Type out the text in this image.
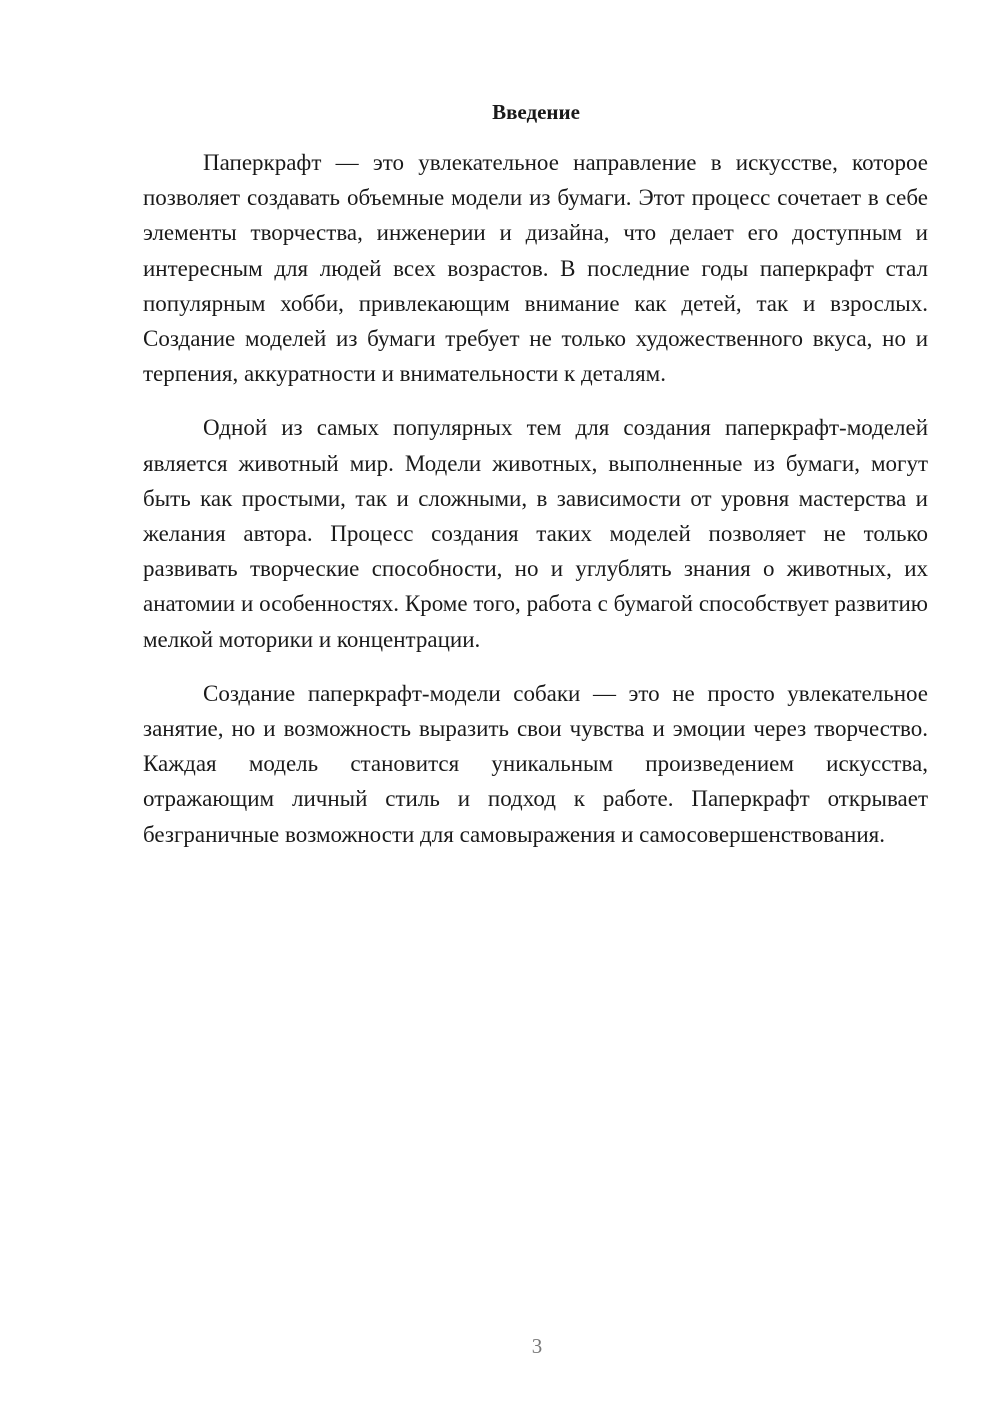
Введение

Паперкрафт — это увлекательное направление в искусстве, которое позволяет создавать объемные модели из бумаги. Этот процесс сочетает в себе элементы творчества, инженерии и дизайна, что делает его доступным и интересным для людей всех возрастов. В последние годы паперкрафт стал популярным хобби, привлекающим внимание как детей, так и взрослых. Создание моделей из бумаги требует не только художественного вкуса, но и терпения, аккуратности и внимательности к деталям.

Одной из самых популярных тем для создания паперкрафт-моделей является животный мир. Модели животных, выполненные из бумаги, могут быть как простыми, так и сложными, в зависимости от уровня мастерства и желания автора. Процесс создания таких моделей позволяет не только развивать творческие способности, но и углублять знания о животных, их анатомии и особенностях. Кроме того, работа с бумагой способствует развитию мелкой моторики и концентрации.

Создание паперкрафт-модели собаки — это не просто увлекательное занятие, но и возможность выразить свои чувства и эмоции через творчество. Каждая модель становится уникальным произведением искусства, отражающим личный стиль и подход к работе. Паперкрафт открывает безграничные возможности для самовыражения и самосовершенствования.

3
